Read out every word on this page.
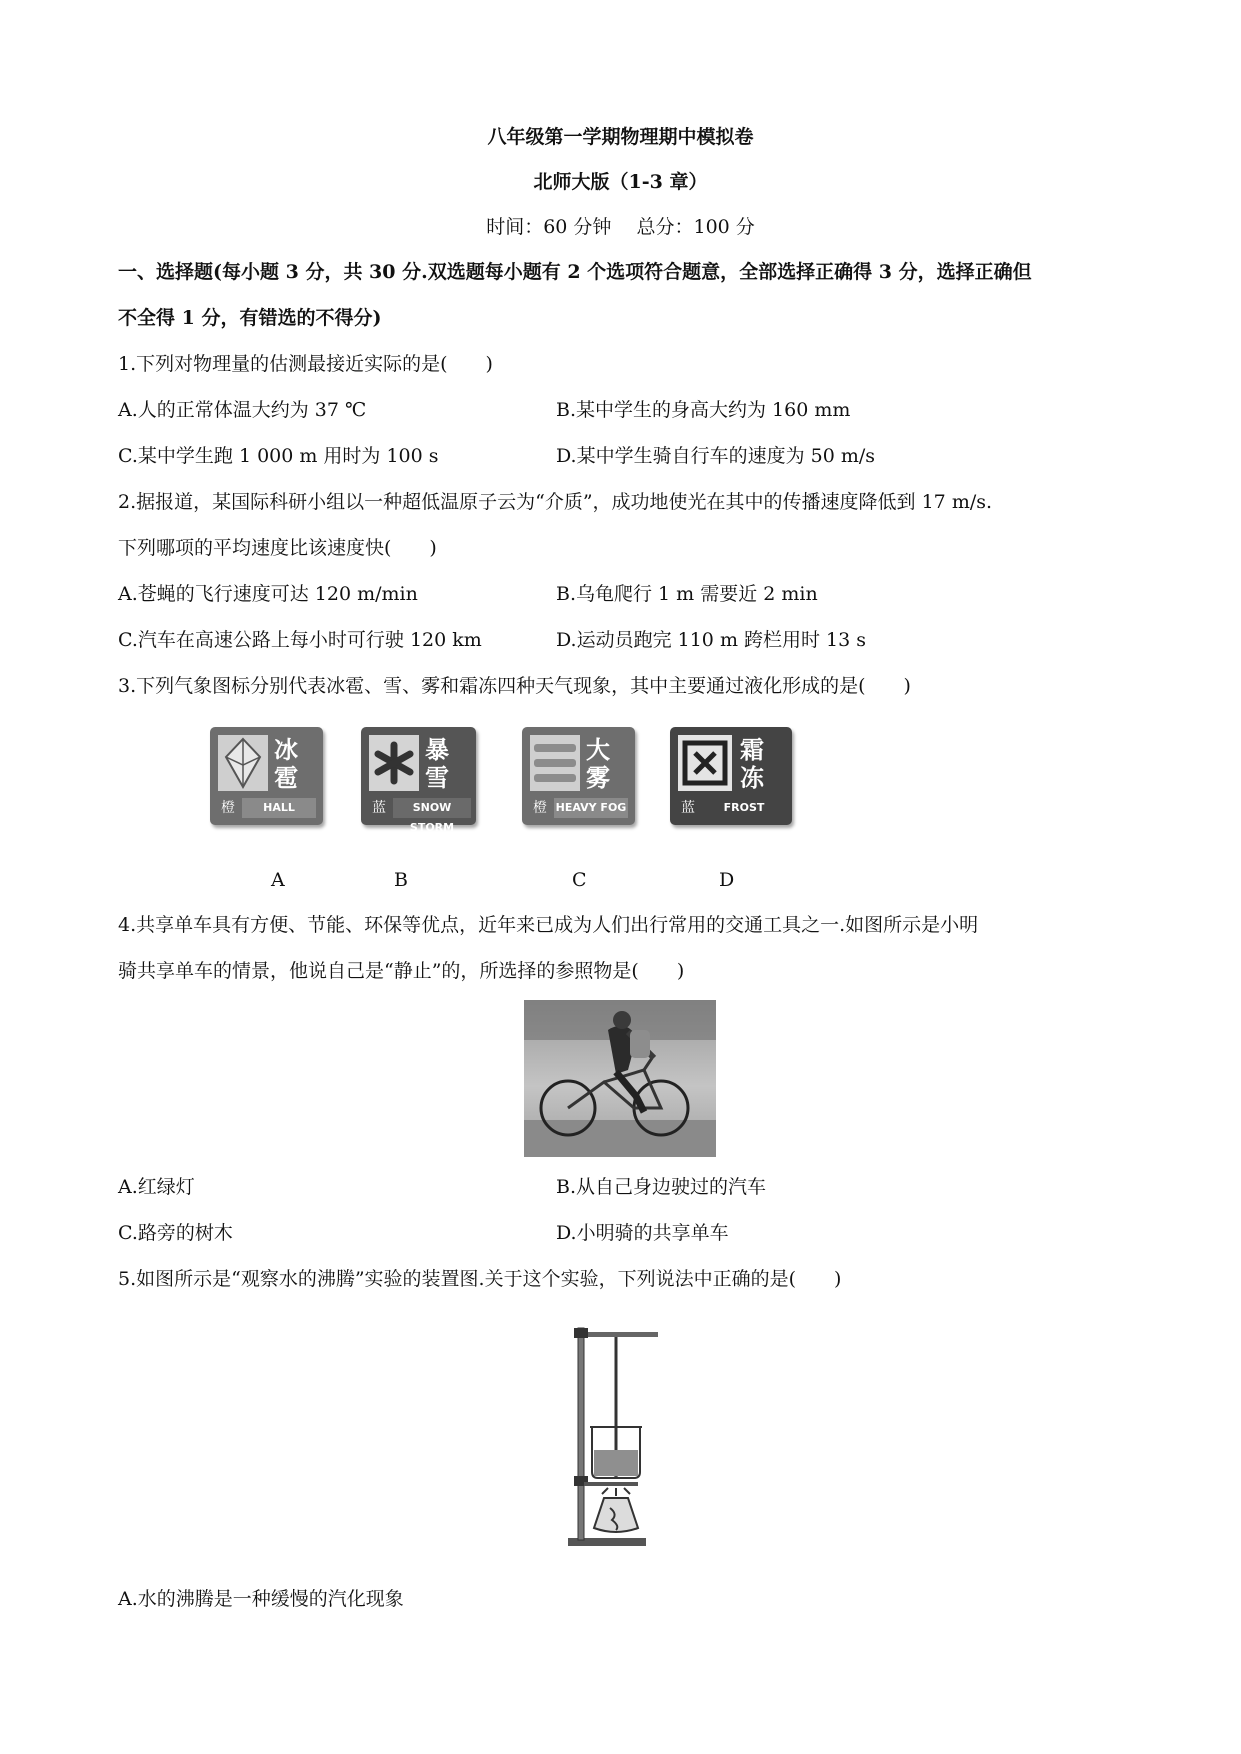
八年级第一学期物理期中模拟卷
北师大版（1-3 章）
时间：60 分钟　 总分：100 分
一、选择题(每小题 3 分，共 30 分.双选题每小题有 2 个选项符合题意，全部选择正确得 3 分，选择正确但
不全得 1 分，有错选的不得分)
1.下列对物理量的估测最接近实际的是(　　)
A.人的正常体温大约为 37 ℃	B.某中学生的身高大约为 160 mm
C.某中学生跑 1 000 m 用时为 100 s	D.某中学生骑自行车的速度为 50 m/s
2.据报道，某国际科研小组以一种超低温原子云为“介质”，成功地使光在其中的传播速度降低到 17 m/s.
下列哪项的平均速度比该速度快(　　)
A.苍蝇的飞行速度可达 120 m/min	B.乌龟爬行 1 m 需要近 2 min
C.汽车在高速公路上每小时可行驶 120 km	D.运动员跑完 110 m 跨栏用时 13 s
3.下列气象图标分别代表冰雹、雪、雾和霜冻四种天气现象，其中主要通过液化形成的是(　　)
冰
雹
橙	HALL
暴
雪
蓝	SNOW STORM
大
雾
橙 HEAVY FOG
霜
冻
蓝	FROST
A	B	C	D
4.共享单车具有方便、节能、环保等优点，近年来已成为人们出行常用的交通工具之一.如图所示是小明
骑共享单车的情景，他说自己是“静止”的，所选择的参照物是(　　)
A.红绿灯	B.从自己身边驶过的汽车
C.路旁的树木	D.小明骑的共享单车
5.如图所示是“观察水的沸腾”实验的装置图.关于这个实验，下列说法中正确的是(　　)
A.水的沸腾是一种缓慢的汽化现象
